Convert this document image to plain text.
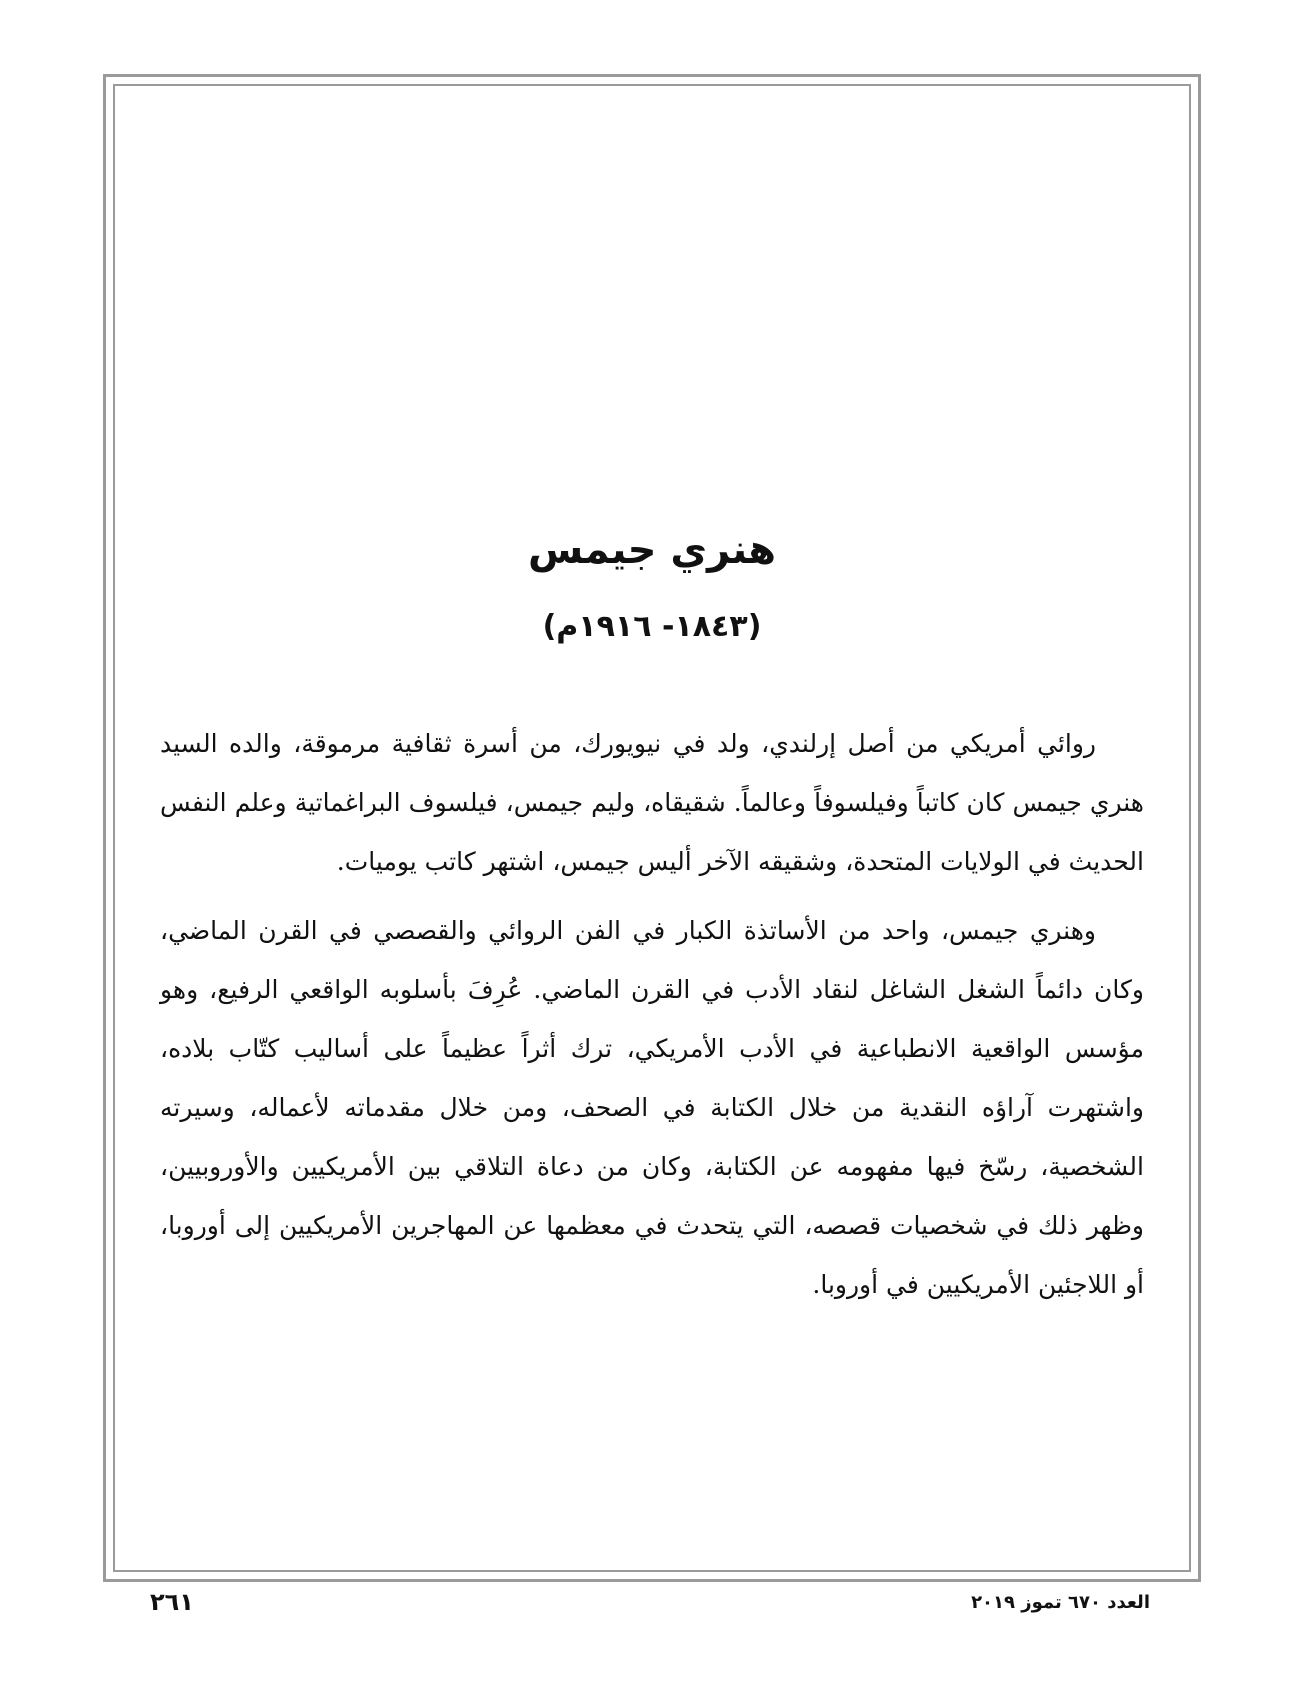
هنري جيمس
(١٨٤٣- ١٩١٦م)

روائي أمريكي من أصل إرلندي، ولد في نيويورك، من أسرة ثقافية مرموقة، والده السيد هنري جيمس كان كاتباً وفيلسوفاً وعالماً. شقيقاه، وليم جيمس، فيلسوف البراغماتية وعلم النفس الحديث في الولايات المتحدة، وشقيقه الآخر أليس جيمس، اشتهر كاتب يوميات.

وهنري جيمس، واحد من الأساتذة الكبار في الفن الروائي والقصصي في القرن الماضي، وكان دائماً الشغل الشاغل لنقاد الأدب في القرن الماضي. عُرِفَ بأسلوبه الواقعي الرفيع، وهو مؤسس الواقعية الانطباعية في الأدب الأمريكي، ترك أثراً عظيماً على أساليب كتّاب بلاده، واشتهرت آراؤه النقدية من خلال الكتابة في الصحف، ومن خلال مقدماته لأعماله، وسيرته الشخصية، رسّخ فيها مفهومه عن الكتابة، وكان من دعاة التلاقي بين الأمريكيين والأوروبيين، وظهر ذلك في شخصيات قصصه، التي يتحدث في معظمها عن المهاجرين الأمريكيين إلى أوروبا، أو اللاجئين الأمريكيين في أوروبا.

٢٦١	العدد ٦٧٠ تموز ٢٠١٩
